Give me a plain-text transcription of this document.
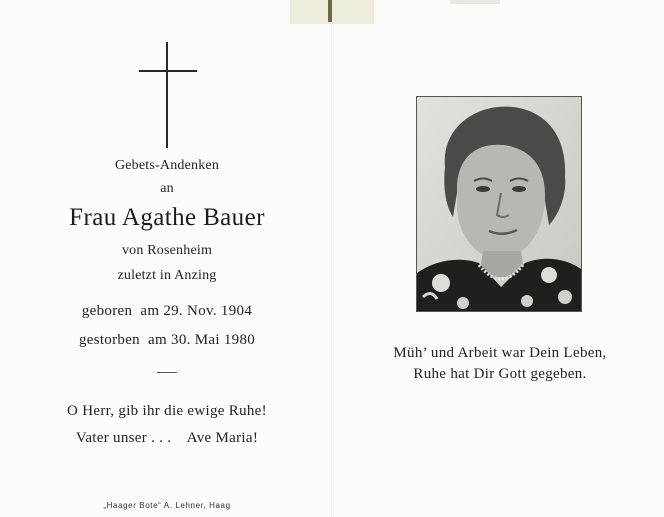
Gebets-Andenken
an
Frau Agathe Bauer
von Rosenheim
zuletzt in Anzing
geboren  am 29. Nov. 1904
gestorben  am 30. Mai 1980
O Herr, gib ihr die ewige Ruhe!
Vater unser . . .    Ave Maria!
„Haager Bote“ A. Lehner, Haag
Müh’ und Arbeit war Dein Leben,
Ruhe hat Dir Gott gegeben.
